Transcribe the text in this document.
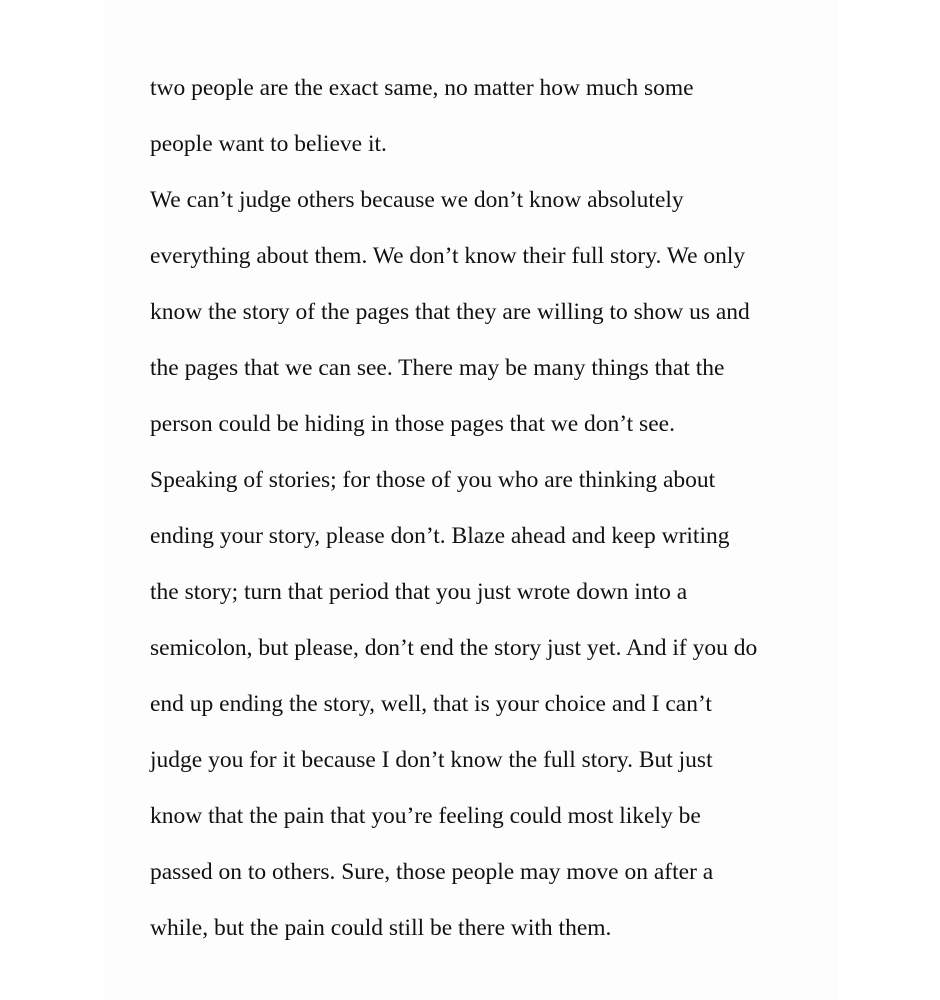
two people are the exact same, no matter how much some
people want to believe it.
We can’t judge others because we don’t know absolutely
everything about them. We don’t know their full story. We only
know the story of the pages that they are willing to show us and
the pages that we can see. There may be many things that the
person could be hiding in those pages that we don’t see.
Speaking of stories; for those of you who are thinking about
ending your story, please don’t. Blaze ahead and keep writing
the story; turn that period that you just wrote down into a
semicolon, but please, don’t end the story just yet. And if you do
end up ending the story, well, that is your choice and I can’t
judge you for it because I don’t know the full story. But just
know that the pain that you’re feeling could most likely be
passed on to others. Sure, those people may move on after a
while, but the pain could still be there with them.
